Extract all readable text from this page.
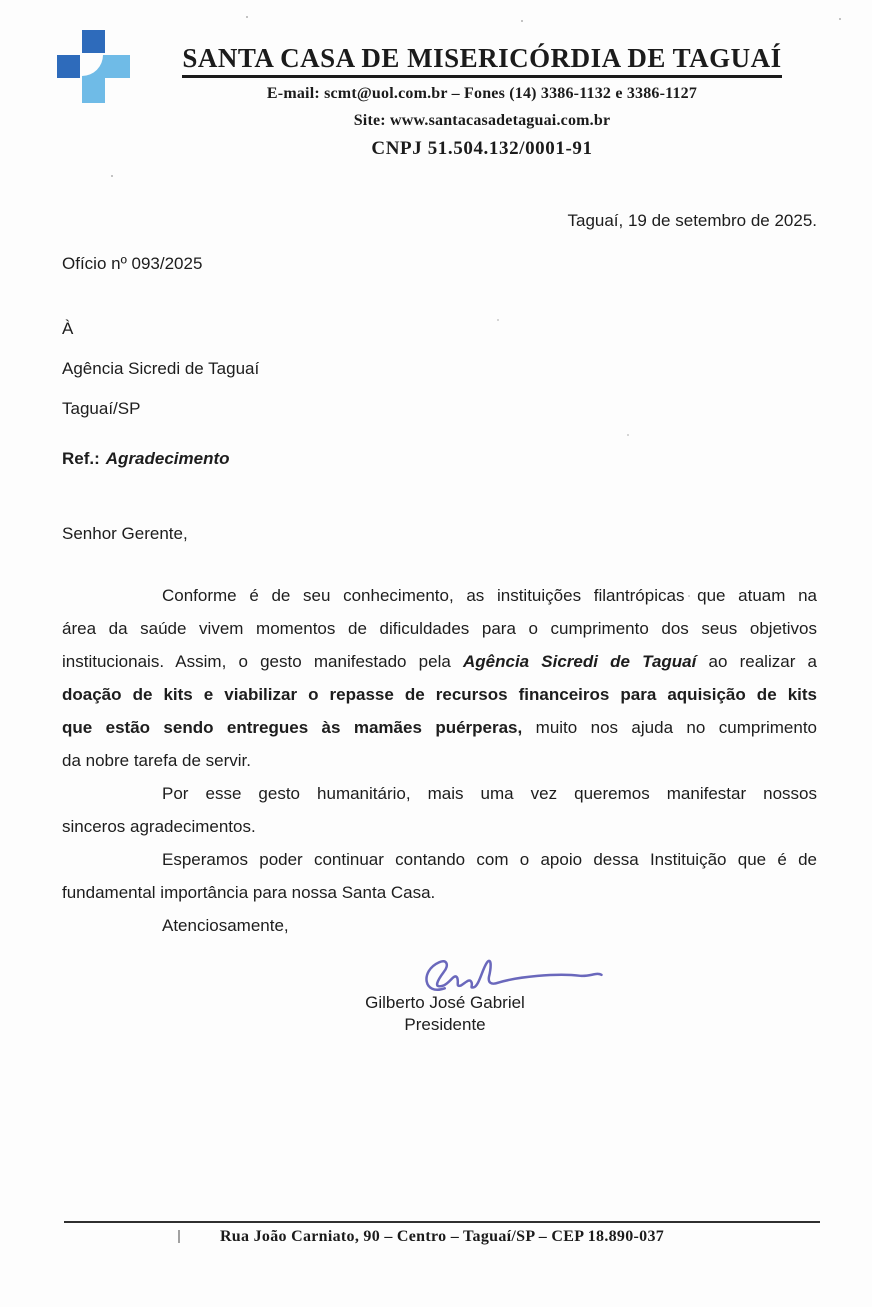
SANTA CASA DE MISERICÓRDIA DE TAGUAÍ
E-mail: scmt@uol.com.br – Fones (14) 3386-1132 e 3386-1127
Site: www.santacasadetaguai.com.br
CNPJ 51.504.132/0001-91
Taguaí, 19 de setembro de 2025.
Ofício nº 093/2025
À
Agência Sicredi de Taguaí
Taguaí/SP
Ref.: Agradecimento
Senhor Gerente,
Conforme é de seu conhecimento, as instituições filantrópicas que atuam na
área da saúde vivem momentos de dificuldades para o cumprimento dos seus objetivos
institucionais. Assim, o gesto manifestado pela Agência Sicredi de Taguaí ao realizar a
doação de kits e viabilizar o repasse de recursos financeiros para aquisição de kits
que estão sendo entregues às mamães puérperas, muito nos ajuda no cumprimento
da nobre tarefa de servir.
Por esse gesto humanitário, mais uma vez queremos manifestar nossos
sinceros agradecimentos.
Esperamos poder continuar contando com o apoio dessa Instituição que é de
fundamental importância para nossa Santa Casa.
Atenciosamente,
Gilberto José Gabriel
Presidente
Rua João Carniato, 90 – Centro – Taguaí/SP – CEP 18.890-037
